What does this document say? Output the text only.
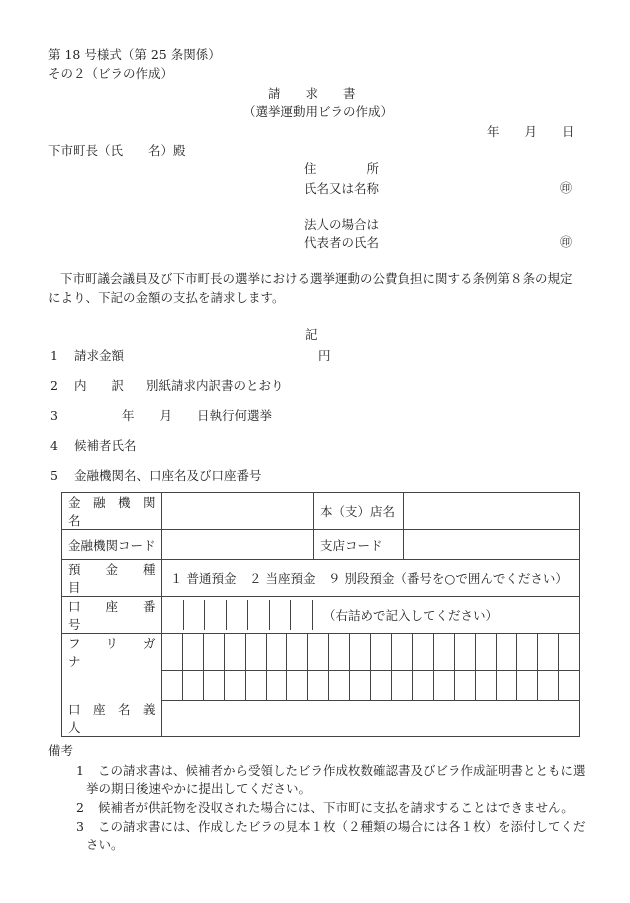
第 18 号様式（第 25 条関係）
その２（ビラの作成）
請　　求　　書
（選挙運動用ビラの作成）
年　　月　　日
下市町長（氏　　名）殿
住　　　　所
氏名又は名称	㊞
法人の場合は
代表者の氏名	㊞
下市町議会議員及び下市町長の選挙における選挙運動の公費負担に関する条例第８条の規定
により、下記の金額の支払を請求します。
記
1 請求金額	円
2 内　　訳 別紙請求内訳書のとおり
3	年　　月　　日執行何選挙
4 候補者氏名
5 金融機関名、口座名及び口座番号
金　融　機　関　名		本（支）店名	
金融機関コード		支店コード	
預　　金　　種　　目	１ 普通預金　２ 当座預金　９ 別段預金（番号を○で囲んでください）		
口　　座　　番　　号	（右詰めで記入してください）		

フ　　リ　　ガ　　ナ			

口　座　名　義　人			
備考
1 この請求書は、候補者から受領したビラ作成枚数確認書及びビラ作成証明書とともに選
挙の期日後速やかに提出してください。
2 候補者が供託物を没収された場合には、下市町に支払を請求することはできません。
3 この請求書には、作成したビラの見本１枚（２種類の場合には各１枚）を添付してくだ
さい。
